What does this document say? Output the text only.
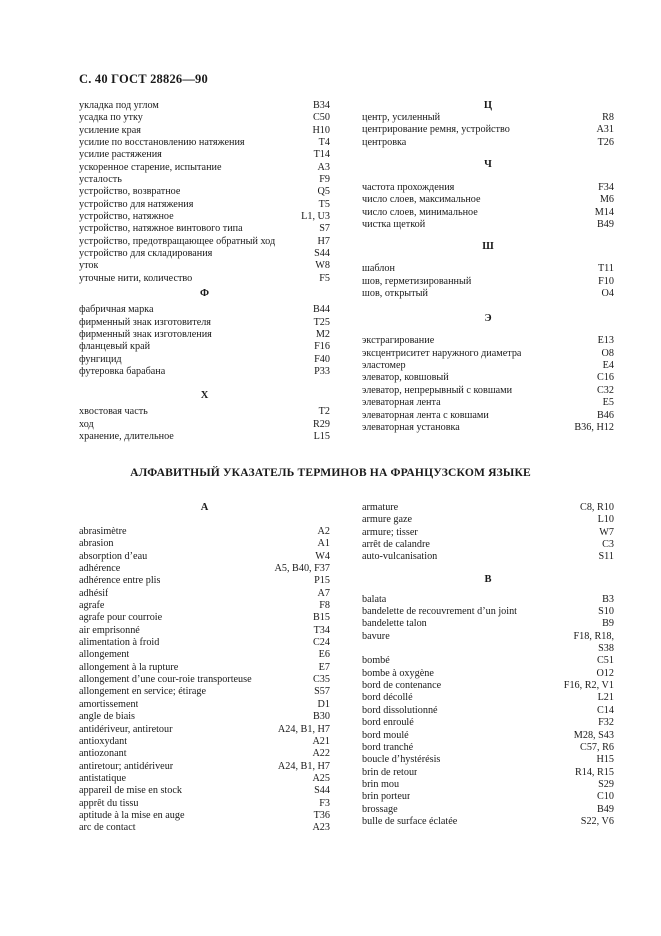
С. 40 ГОСТ 28826—90
укладка под углом	B34
усадка по утку	C50
усиление края	H10
усилие по восстановлению натяжения	T4
усилие растяжения	T14
ускоренное старение, испытание	A3
усталость	F9
устройство, возвратное	Q5
устройство для натяжения	T5
устройство, натяжное	L1, U3
устройство, натяжное винтового типа	S7
устройство, предотвращающее обратный ход	H7
устройство для складирования	S44
уток	W8
уточные нити, количество	F5
Ф
фабричная марка	B44
фирменный знак изготовителя	T25
фирменный знак изготовления	M2
фланцевый край	F16
фунгицид	F40
футеровка барабана	P33
Х
хвостовая часть	T2
ход	R29
хранение, длительное	L15
Ц
центр, усиленный	R8
центрирование ремня, устройство	A31
центровка	T26
Ч
частота прохождения	F34
число слоев, максимальное	M6
число слоев, минимальное	M14
чистка щеткой	B49
Ш
шаблон	T11
шов, герметизированный	F10
шов, открытый	O4
Э
экстрагирование	E13
эксцентриситет наружного диаметра	O8
эластомер	E4
элеватор, ковшовый	C16
элеватор, непрерывный с ковшами	C32
элеваторная лента	E5
элеваторная лента с ковшами	B46
элеваторная установка	B36, H12
АЛФАВИТНЫЙ УКАЗАТЕЛЬ ТЕРМИНОВ НА ФРАНЦУЗСКОМ ЯЗЫКЕ
A
abrasimètre	A2
abrasion	A1
absorption d’eau	W4
adhérence	A5, B40, F37
adhérence entre plis	P15
adhésif	A7
agrafe	F8
agrafe pour courroie	B15
air emprisonné	T34
alimentation à froid	C24
allongement	E6
allongement à la rupture	E7
allongement d’une cour-roie transporteuse	C35
allongement en service; étirage	S57
amortissement	D1
angle de biais	B30
antidériveur, antiretour	A24, B1, H7
antioxydant	A21
antiozonant	A22
antiretour; antidériveur	A24, B1, H7
antistatique	A25
appareil de mise en stock	S44
apprêt du tissu	F3
aptitude à la mise en auge	T36
arc de contact	A23
armature	C8, R10
armure gaze	L10
armure; tisser	W7
arrêt de calandre	C3
auto-vulcanisation	S11
B
balata	B3
bandelette de recouvrement d’un joint	S10
bandelette talon	B9
bavure	F18, R18,
S38
bombé	C51
bombe à oxygène	O12
bord de contenance	F16, R2, V1
bord décollé	L21
bord dissolutionné	C14
bord enroulé	F32
bord moulé	M28, S43
bord tranché	C57, R6
boucle d’hystérésis	H15
brin de retour	R14, R15
brin mou	S29
brin porteur	C10
brossage	B49
bulle de surface éclatée	S22, V6
